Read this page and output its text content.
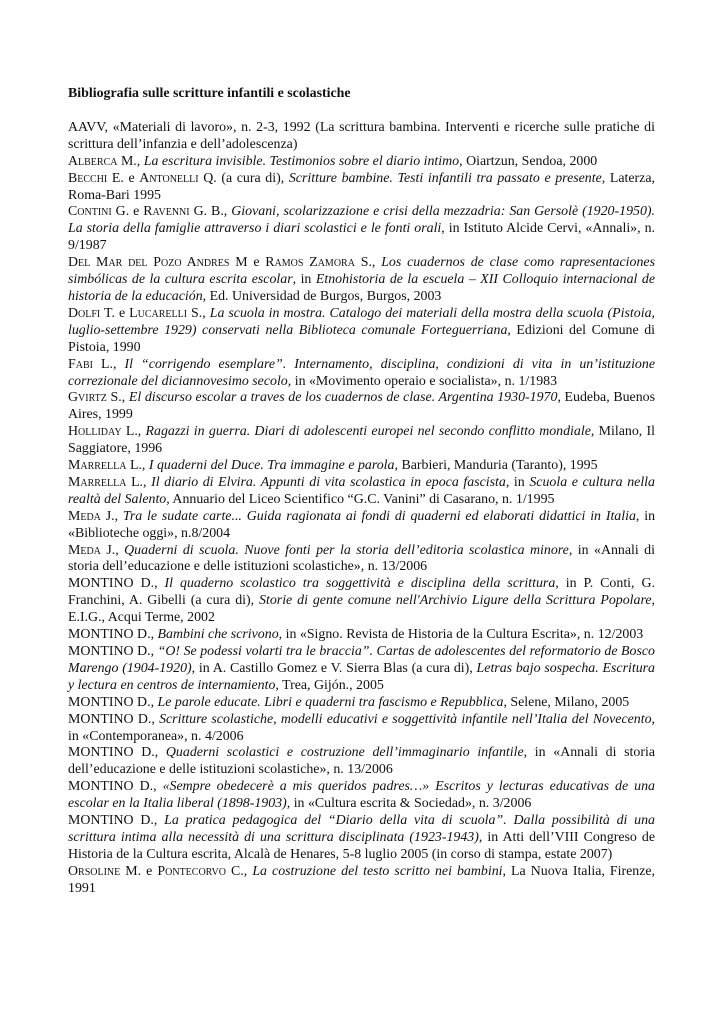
Bibliografia sulle scritture infantili e scolastiche

AAVV, «Materiali di lavoro», n. 2-3, 1992 (La scrittura bambina. Interventi e ricerche sulle pratiche di scrittura dell’infanzia e dell’adolescenza)

Alberca M., La escritura invisible. Testimonios sobre el diario intimo, Oiartzun, Sendoa, 2000

Becchi E. e Antonelli Q. (a cura di), Scritture bambine. Testi infantili tra passato e presente, Laterza, Roma-Bari 1995

Contini G. e Ravenni G. B., Giovani, scolarizzazione e crisi della mezzadria: San Gersolè (1920-1950). La storia della famiglie attraverso i diari scolastici e le fonti orali, in Istituto Alcide Cervi, «Annali», n. 9/1987

Del Mar del Pozo Andres M e Ramos Zamora S., Los cuadernos de clase como rapresentaciones simbólicas de la cultura escrita escolar, in Etnohistoria de la escuela – XII Colloquio internacional de historia de la educación, Ed. Universidad de Burgos, Burgos, 2003

Dolfi T. e Lucarelli S., La scuola in mostra. Catalogo dei materiali della mostra della scuola (Pistoia, luglio-settembre 1929) conservati nella Biblioteca comunale Forteguerriana, Edizioni del Comune di Pistoia, 1990

Fabi L., Il “corrigendo esemplare”. Internamento, disciplina, condizioni di vita in un’istituzione correzionale del diciannovesimo secolo, in «Movimento operaio e socialista», n. 1/1983

Gvirtz S., El discurso escolar a traves de los cuadernos de clase. Argentina 1930-1970, Eudeba, Buenos Aires, 1999

Holliday L., Ragazzi in guerra. Diari di adolescenti europei nel secondo conflitto mondiale, Milano, Il Saggiatore, 1996

Marrella L., I quaderni del Duce. Tra immagine e parola, Barbieri, Manduria (Taranto), 1995

Marrella L., Il diario di Elvira. Appunti di vita scolastica in epoca fascista, in Scuola e cultura nella realtà del Salento, Annuario del Liceo Scientifico “G.C. Vanini” di Casarano, n. 1/1995

Meda J., Tra le sudate carte... Guida ragionata ai fondi di quaderni ed elaborati didattici in Italia, in «Biblioteche oggi», n.8/2004

Meda J., Quaderni di scuola. Nuove fonti per la storia dell’editoria scolastica minore, in «Annali di storia dell’educazione e delle istituzioni scolastiche», n. 13/2006

MONTINO D., Il quaderno scolastico tra soggettività e disciplina della scrittura, in P. Conti, G. Franchini, A. Gibelli (a cura di), Storie di gente comune nell'Archivio Ligure della Scrittura Popolare, E.I.G., Acqui Terme, 2002

MONTINO D., Bambini che scrivono, in «Signo. Revista de Historia de la Cultura Escrita», n. 12/2003

MONTINO D., “O! Se podessi volarti tra le braccia”. Cartas de adolescentes del reformatorio de Bosco Marengo (1904-1920), in A. Castillo Gomez e V. Sierra Blas (a cura di), Letras bajo sospecha. Escritura y lectura en centros de internamiento, Trea, Gijón., 2005

MONTINO D., Le parole educate. Libri e quaderni tra fascismo e Repubblica, Selene, Milano, 2005

MONTINO D., Scritture scolastiche, modelli educativi e soggettività infantile nell’Italia del Novecento, in «Contemporanea», n. 4/2006

MONTINO D., Quaderni scolastici e costruzione dell’immaginario infantile, in «Annali di storia dell’educazione e delle istituzioni scolastiche», n. 13/2006

MONTINO D., «Sempre obedecerè a mis queridos padres…» Escritos y lecturas educativas de una escolar en la Italia liberal (1898-1903), in «Cultura escrita & Sociedad», n. 3/2006

MONTINO D., La pratica pedagogica del “Diario della vita di scuola”. Dalla possibilità di una scrittura intima alla necessità di una scrittura disciplinata (1923-1943), in Atti dell’VIII Congreso de Historia de la Cultura escrita, Alcalà de Henares, 5-8 luglio 2005 (in corso di stampa, estate 2007)

Orsoline M. e Pontecorvo C., La costruzione del testo scritto nei bambini, La Nuova Italia, Firenze, 1991
